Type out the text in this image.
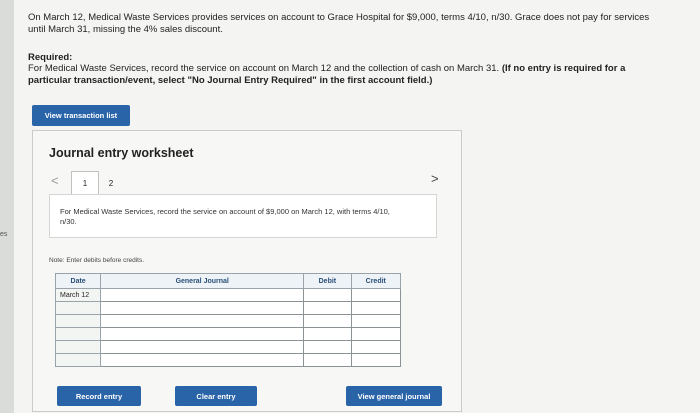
es
On March 12, Medical Waste Services provides services on account to Grace Hospital for $9,000, terms 4/10, n/30. Grace does not pay for services until March 31, missing the 4% sales discount.
Required:
For Medical Waste Services, record the service on account on March 12 and the collection of cash on March 31. (If no entry is required for a particular transaction/event, select "No Journal Entry Required" in the first account field.)
View transaction list
Journal entry worksheet
<	1	2	>
For Medical Waste Services, record the service on account of $9,000 on March 12, with terms 4/10, n/30.
Note: Enter debits before credits.
Date	General Journal	Debit	Credit
March 12			

Record entry	Clear entry	View general journal
